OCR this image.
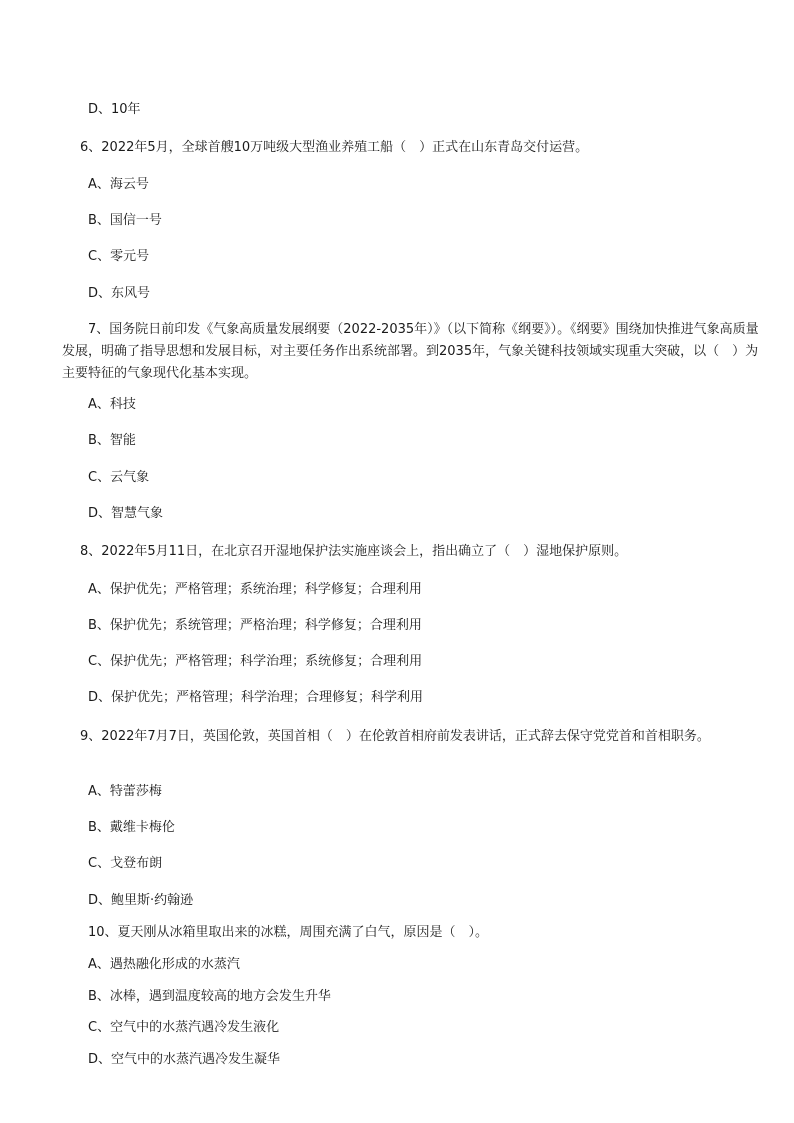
D、10年
6、2022年5月，全球首艘10万吨级大型渔业养殖工船（　）正式在山东青岛交付运营。
A、海云号
B、国信一号
C、零元号
D、东风号
7、国务院日前印发《气象高质量发展纲要（2022-2035年）》（以下简称《纲要》）。《纲要》围绕加快推进气象高质量发展，明确了指导思想和发展目标，对主要任务作出系统部署。到2035年，气象关键科技领域实现重大突破，以（　）为主要特征的气象现代化基本实现。
A、科技
B、智能
C、云气象
D、智慧气象
8、2022年5月11日，在北京召开湿地保护法实施座谈会上，指出确立了（　）湿地保护原则。
A、保护优先；严格管理；系统治理；科学修复；合理利用
B、保护优先；系统管理；严格治理；科学修复；合理利用
C、保护优先；严格管理；科学治理；系统修复；合理利用
D、保护优先；严格管理；科学治理；合理修复；科学利用
9、2022年7月7日，英国伦敦，英国首相（　）在伦敦首相府前发表讲话，正式辞去保守党党首和首相职务。
A、特蕾莎梅
B、戴维卡梅伦
C、戈登布朗
D、鲍里斯·约翰逊
10、夏天刚从冰箱里取出来的冰糕，周围充满了白气，原因是（　）。
A、遇热融化形成的水蒸汽
B、冰棒，遇到温度较高的地方会发生升华
C、空气中的水蒸汽遇冷发生液化
D、空气中的水蒸汽遇冷发生凝华
